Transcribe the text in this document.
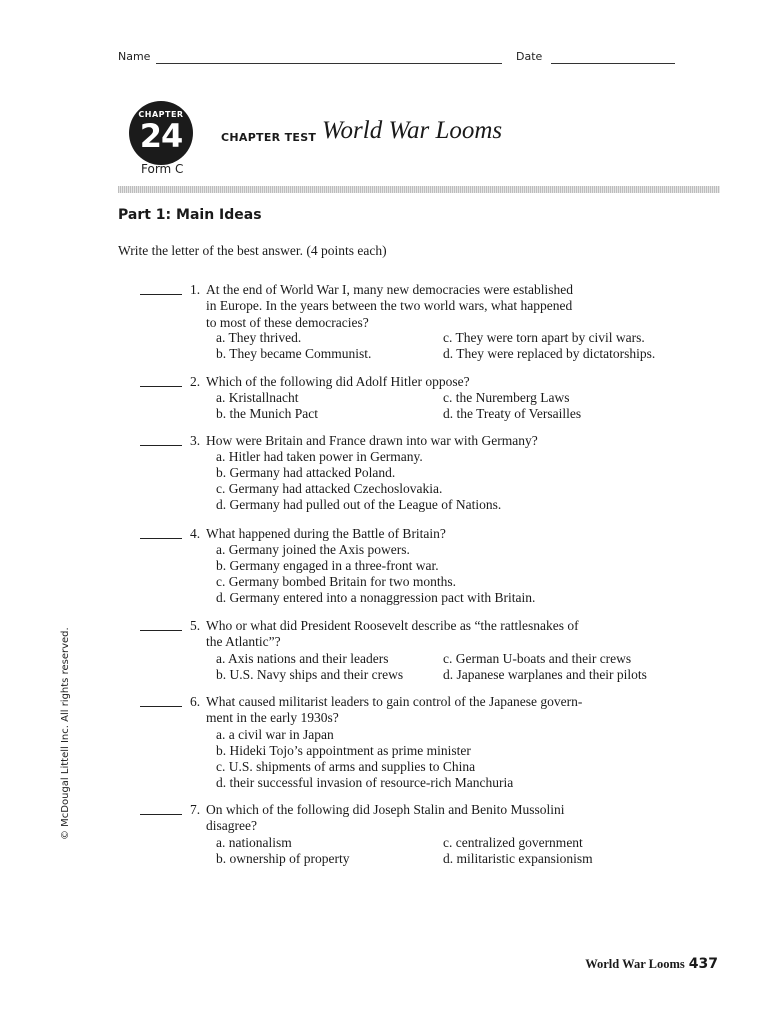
Name	Date
CHAPTER
24
Form C
CHAPTER TEST World War Looms
Part 1: Main Ideas
Write the letter of the best answer. (4 points each)
1. At the end of World War I, many new democracies were established
in Europe. In the years between the two world wars, what happened
to most of these democracies?
a. They thrived.
b. They became Communist.
c. They were torn apart by civil wars.
d. They were replaced by dictatorships.
2. Which of the following did Adolf Hitler oppose?
a. Kristallnacht
b. the Munich Pact
c. the Nuremberg Laws
d. the Treaty of Versailles
3. How were Britain and France drawn into war with Germany?
a. Hitler had taken power in Germany.
b. Germany had attacked Poland.
c. Germany had attacked Czechoslovakia.
d. Germany had pulled out of the League of Nations.
4. What happened during the Battle of Britain?
a. Germany joined the Axis powers.
b. Germany engaged in a three-front war.
c. Germany bombed Britain for two months.
d. Germany entered into a nonaggression pact with Britain.
5. Who or what did President Roosevelt describe as “the rattlesnakes of
the Atlantic”?
a. Axis nations and their leaders
b. U.S. Navy ships and their crews
c. German U-boats and their crews
d. Japanese warplanes and their pilots
6. What caused militarist leaders to gain control of the Japanese govern-
ment in the early 1930s?
a. a civil war in Japan
b. Hideki Tojo’s appointment as prime minister
c. U.S. shipments of arms and supplies to China
d. their successful invasion of resource-rich Manchuria
7. On which of the following did Joseph Stalin and Benito Mussolini
disagree?
a. nationalism
b. ownership of property
c. centralized government
d. militaristic expansionism
© McDougal Littell Inc. All rights reserved.
World War Looms 437
